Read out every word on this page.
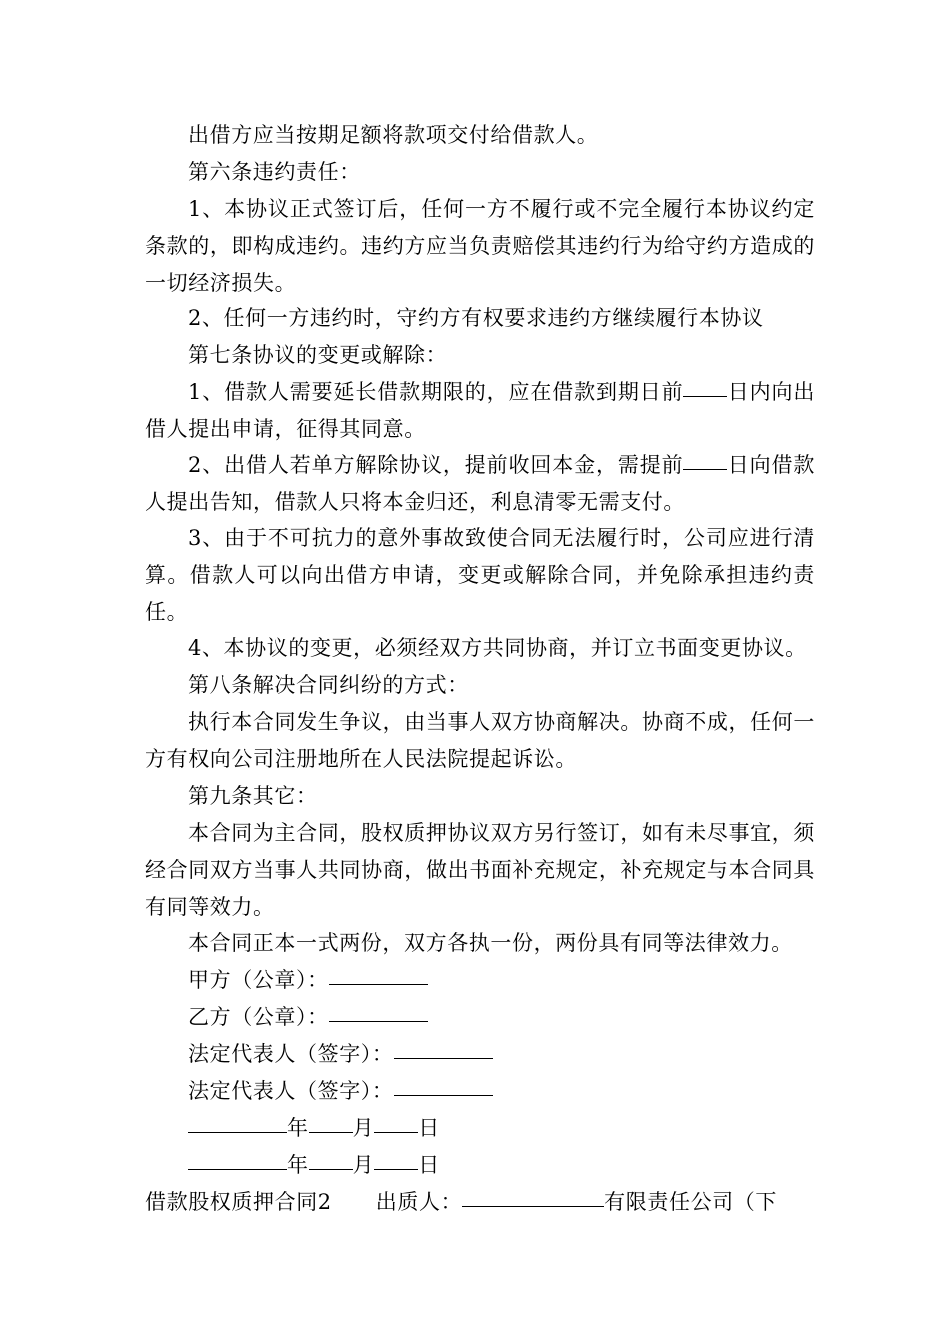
出借方应当按期足额将款项交付给借款人。

第六条违约责任：

1、本协议正式签订后，任何一方不履行或不完全履行本协议约定条款的，即构成违约。违约方应当负责赔偿其违约行为给守约方造成的一切经济损失。

2、任何一方违约时，守约方有权要求违约方继续履行本协议

第七条协议的变更或解除：

1、借款人需要延长借款期限的，应在借款到期日前 日内向出借人提出申请，征得其同意。

2、出借人若单方解除协议，提前收回本金，需提前 日向借款人提出告知，借款人只将本金归还，利息清零无需支付。

3、由于不可抗力的意外事故致使合同无法履行时，公司应进行清算。借款人可以向出借方申请，变更或解除合同，并免除承担违约责任。

4、本协议的变更，必须经双方共同协商，并订立书面变更协议。

第八条解决合同纠纷的方式：

执行本合同发生争议，由当事人双方协商解决。协商不成，任何一方有权向公司注册地所在人民法院提起诉讼。

第九条其它：

本合同为主合同，股权质押协议双方另行签订，如有未尽事宜，须经合同双方当事人共同协商，做出书面补充规定，补充规定与本合同具有同等效力。

本合同正本一式两份，双方各执一份，两份具有同等法律效力。

甲方（公章）：

乙方（公章）：

法定代表人（签字）：

法定代表人（签字）：

年 月 日

年 月 日

借款股权质押合同2 出质人：	有限责任公司（下
